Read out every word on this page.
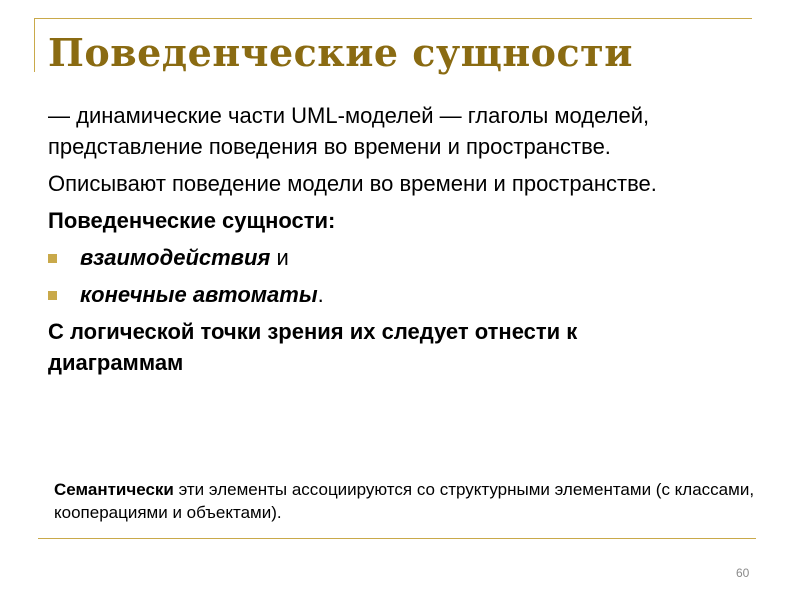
Поведенческие сущности

— динамические части UML-моделей — глаголы моделей, представление поведения во времени и пространстве.

Описывают поведение модели во времени и пространстве.

Поведенческие сущности:

взаимодействия и
конечные автоматы.

С логической точки зрения их следует отнести к диаграммам

Семантически эти элементы ассоциируются со структурными элементами (с классами, кооперациями и объектами).
60
